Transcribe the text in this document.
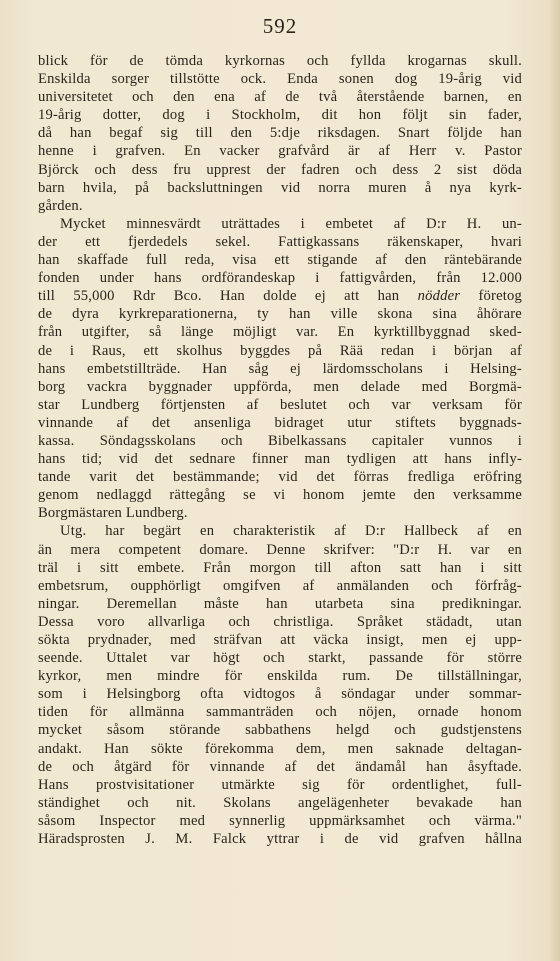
592
blick för de tömda kyrkornas och fyllda krogarnas skull.
Enskilda sorger tillstötte ock. Enda sonen dog 19-årig vid
universitetet och den ena af de två återstående barnen, en
19-årig dotter, dog i Stockholm, dit hon följt sin fader,
då han begaf sig till den 5:dje riksdagen. Snart följde han
henne i grafven. En vacker grafvård är af Herr v. Pastor
Björck och dess fru upprest der fadren och dess 2 sist döda
barn hvila, på backsluttningen vid norra muren å nya kyrk-
gården.
Mycket minnesvärdt uträttades i embetet af D:r H. un-
der ett fjerdedels sekel. Fattigkassans räkenskaper, hvari
han skaffade full reda, visa ett stigande af den räntebärande
fonden under hans ordförandeskap i fattigvården, från 12.000
till 55,000 Rdr Bco. Han dolde ej att han nödder företog
de dyra kyrkreparationerna, ty han ville skona sina åhörare
från utgifter, så länge möjligt var. En kyrktillbyggnad sked-
de i Raus, ett skolhus byggdes på Rää redan i början af
hans embetstillträde. Han såg ej lärdomsscholans i Helsing-
borg vackra byggnader uppförda, men delade med Borgmä-
star Lundberg förtjensten af beslutet och var verksam för
vinnande af det ansenliga bidraget utur stiftets byggnads-
kassa. Söndagsskolans och Bibelkassans capitaler vunnos i
hans tid; vid det sednare finner man tydligen att hans infly-
tande varit det bestämmande; vid det förras fredliga eröfring
genom nedlaggd rättegång se vi honom jemte den verksamme
Borgmästaren Lundberg.
Utg. har begärt en charakteristik af D:r Hallbeck af en
än mera competent domare. Denne skrifver: "D:r H. var en
träl i sitt embete. Från morgon till afton satt han i sitt
embetsrum, oupphörligt omgifven af anmälanden och förfråg-
ningar. Deremellan måste han utarbeta sina predikningar.
Dessa voro allvarliga och christliga. Språket städadt, utan
sökta prydnader, med sträfvan att väcka insigt, men ej upp-
seende. Uttalet var högt och starkt, passande för större
kyrkor, men mindre för enskilda rum. De tillställningar,
som i Helsingborg ofta vidtogos å söndagar under sommar-
tiden för allmänna sammanträden och nöjen, ornade honom
mycket såsom störande sabbathens helgd och gudstjenstens
andakt. Han sökte förekomma dem, men saknade deltagan-
de och åtgärd för vinnande af det ändamål han åsyftade.
Hans prostvisitationer utmärkte sig för ordentlighet, full-
ständighet och nit. Skolans angelägenheter bevakade han
såsom Inspector med synnerlig uppmärksamhet och värma."
Häradsprosten J. M. Falck yttrar i de vid grafven hållna
